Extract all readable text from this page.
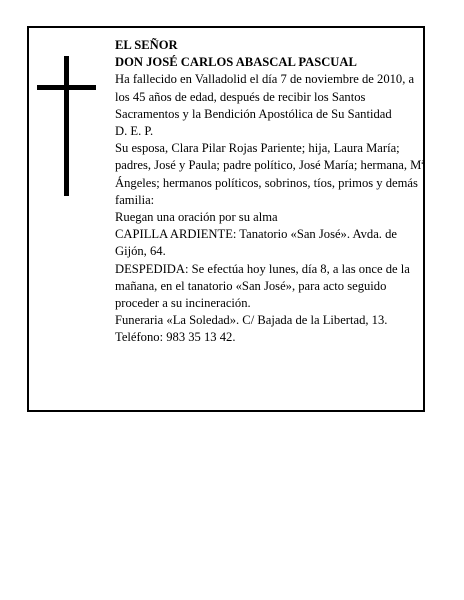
EL SEÑOR

DON JOSÉ CARLOS ABASCAL PASCUAL

Ha fallecido en Valladolid el día 7 de noviembre de 2010, a los 45 años de edad, después de recibir los Santos Sacramentos y la Bendición Apostólica de Su Santidad

D. E. P.

Su esposa, Clara Pilar Rojas Pariente; hija, Laura María; padres, José y Paula; padre político, José María; hermana, Mª Ángeles; hermanos políticos, sobrinos, tíos, primos y demás familia:

Ruegan una oración por su alma

CAPILLA ARDIENTE: Tanatorio «San José». Avda. de Gijón, 64.

DESPEDIDA: Se efectúa hoy lunes, día 8, a las once de la mañana, en el tanatorio «San José», para acto seguido proceder a su incineración.

Funeraria «La Soledad». C/ Bajada de la Libertad, 13. Teléfono: 983 35 13 42.
